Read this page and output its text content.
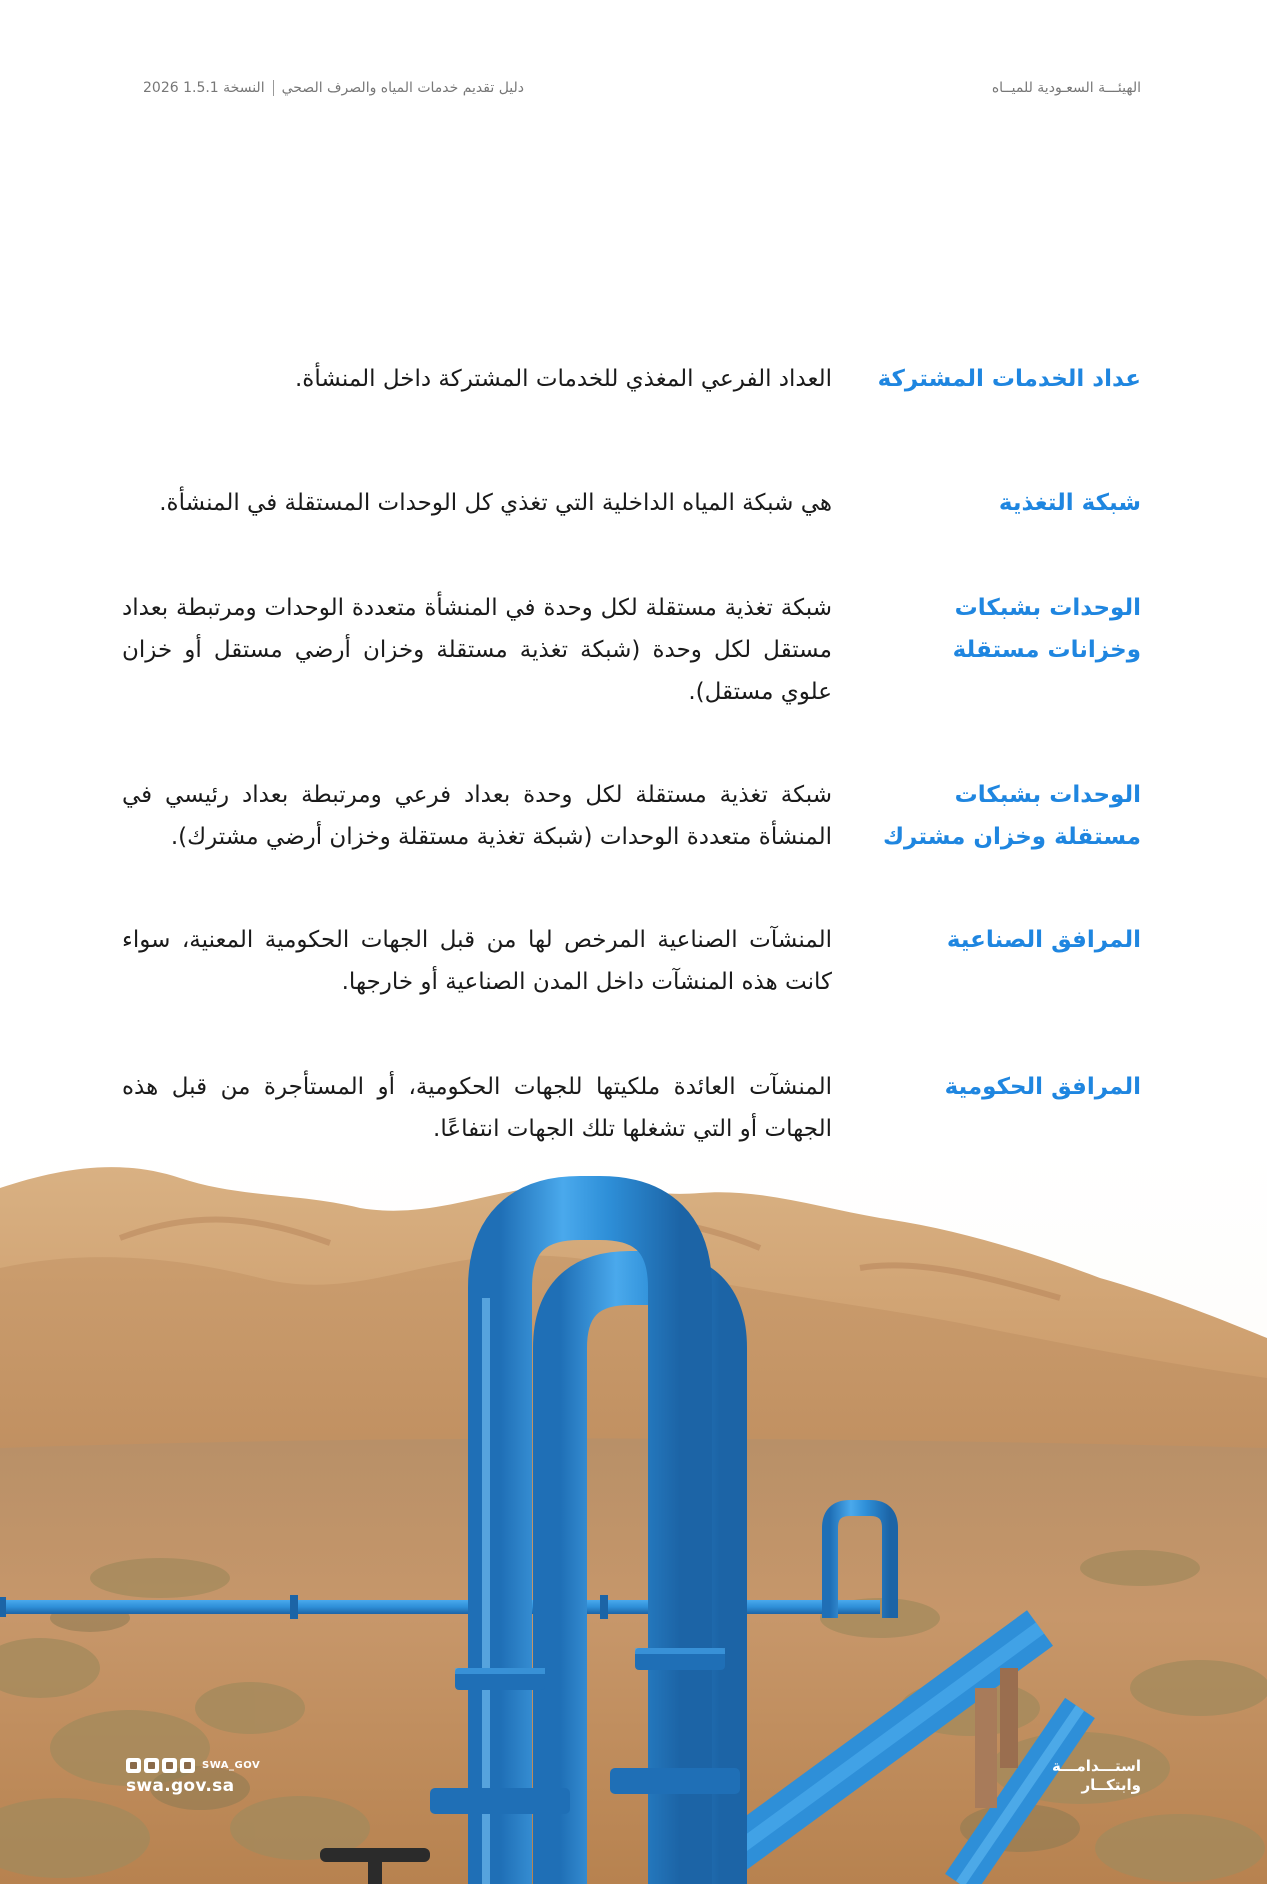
الهيئـــة السعـودية للميــاه
دليل تقديم خدمات المياه والصرف الصحيالنسخة 1.5.1 2026
عداد الخدمات المشتركة
العداد الفرعي المغذي للخدمات المشتركة داخل المنشأة.
شبكة التغذية
هي شبكة المياه الداخلية التي تغذي كل الوحدات المستقلة في المنشأة.
الوحدات بشبكات وخزانات مستقلة
شبكة تغذية مستقلة لكل وحدة في المنشأة متعددة الوحدات ومرتبطة بعداد مستقل لكل وحدة (شبكة تغذية مستقلة وخزان أرضي مستقل أو خزان علوي مستقل).
الوحدات بشبكات مستقلة وخزان مشترك
شبكة تغذية مستقلة لكل وحدة بعداد فرعي ومرتبطة بعداد رئيسي في المنشأة متعددة الوحدات (شبكة تغذية مستقلة وخزان أرضي مشترك).
المرافق الصناعية
المنشآت الصناعية المرخص لها من قبل الجهات الحكومية المعنية، سواء كانت هذه المنشآت داخل المدن الصناعية أو خارجها.
المرافق الحكومية
المنشآت العائدة ملكيتها للجهات الحكومية، أو المستأجرة من قبل هذه الجهات أو التي تشغلها تلك الجهات انتفاعًا.
SWA_GOV
swa.gov.sa
استـــدامـــة
وابتكــار
